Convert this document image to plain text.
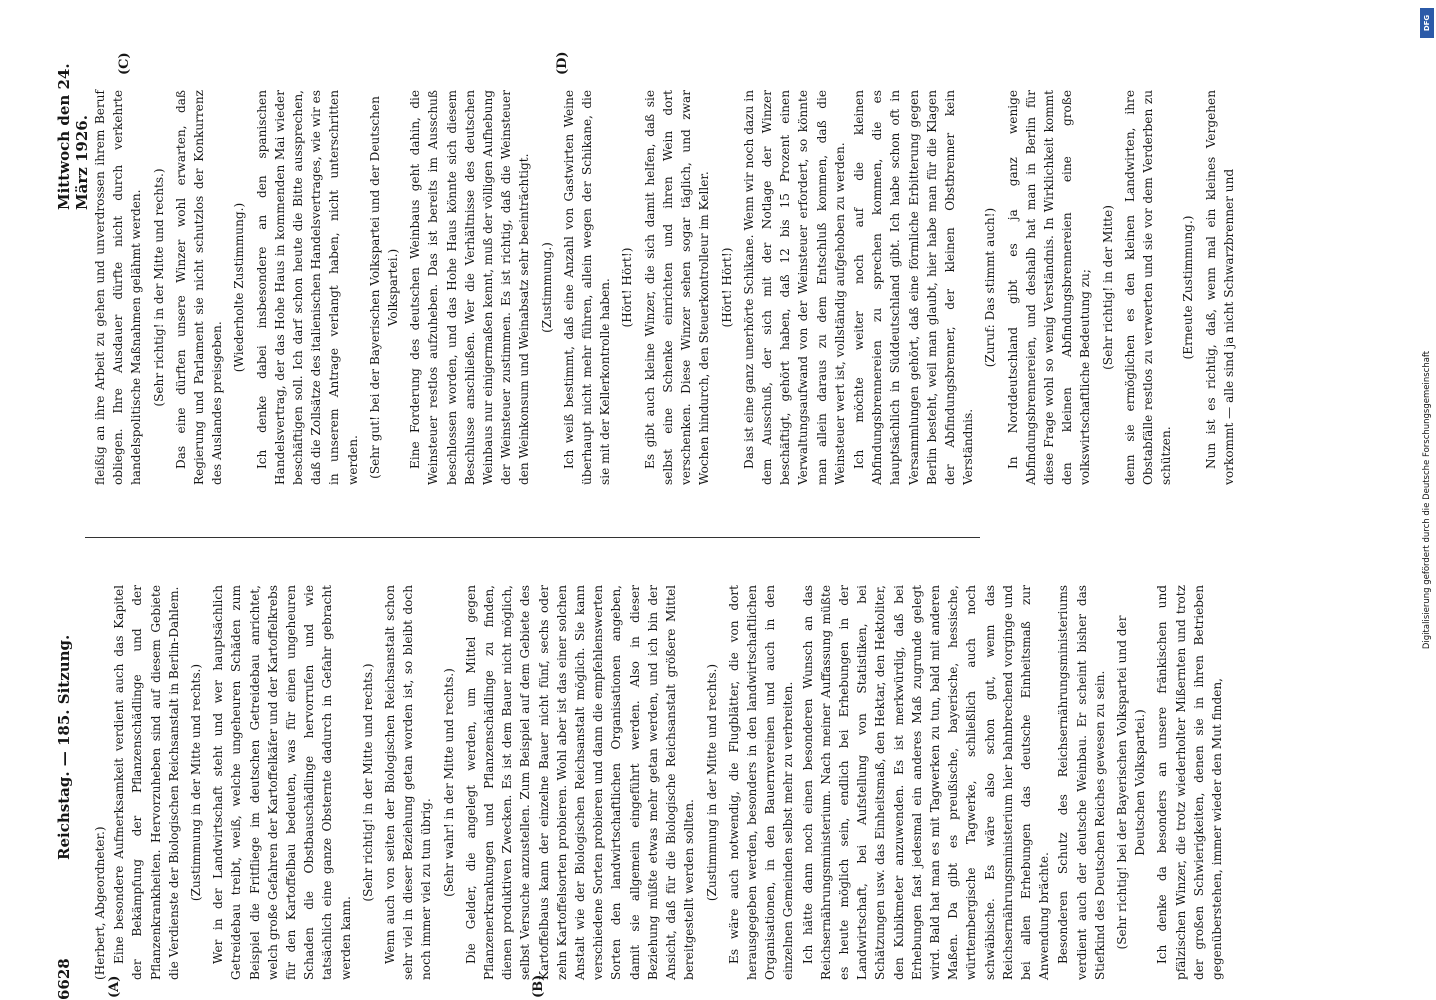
6628
Reichstag. — 185. Sitzung.
Mittwoch den 24. März 1926.
(A)	(B)
(C)	(D)

(Herbert, Abgeordneter.) Eine besondere Aufmerksamkeit verdient auch das Kapitel der Bekämpfung der Pflanzenschädlinge und der Pflanzenkrankheiten. Hervorzuheben sind auf diesem Gebiete die Verdienste der Biologischen Reichsanstalt in Berlin-Dahlem. (Zustimmung in der Mitte und rechts.) Wer in der Landwirtschaft steht und wer hauptsächlich Getreidebau treibt, weiß, welche ungeheuren Schäden zum Beispiel die Fritfliege im deutschen Getreidebau anrichtet, welch große Gefahren der Kartoffelkäfer und der Kartoffelkrebs für den Kartoffelbau bedeuten, was für einen ungeheuren Schaden die Obstbauschädlinge hervorrufen und wie tatsächlich eine ganze Obsternte dadurch in Gefahr gebracht werden kann.

(Sehr richtig! in der Mitte und rechts.) Wenn auch von seiten der Biologischen Reichsanstalt schon sehr viel in dieser Beziehung getan worden ist, so bleibt doch noch immer viel zu tun übrig. (Sehr wahr! in der Mitte und rechts.) Die Gelder, die angelegt werden, um Mittel gegen Pflanzenerkrankungen und Pflanzenschädlinge zu finden, dienen produktiven Zwecken. Es ist dem Bauer nicht möglich, selbst Versuche anzustellen. Zum Beispiel auf dem Gebiete des Kartoffelbaus kann der einzelne Bauer nicht fünf, sechs oder zehn Kartoffelsorten probieren. Wohl aber ist das einer solchen Anstalt wie der Biologischen Reichsanstalt möglich. Sie kann verschiedene Sorten probieren und dann die empfehlenswerten Sorten den landwirtschaftlichen Organisationen angeben, damit sie allgemein eingeführt werden. Also in dieser Beziehung müßte etwas mehr getan werden, und ich bin der Ansicht, daß für die Biologische Reichsanstalt größere Mittel bereitgestellt werden sollten. (Zustimmung in der Mitte und rechts.) Es wäre auch notwendig, die Flugblätter, die von dort herausgegeben werden, besonders in den landwirtschaftlichen Organisationen, in den Bauernvereinen und auch in den einzelnen Gemeinden selbst mehr zu verbreiten. Ich hätte dann noch einen besonderen Wunsch an das Reichsernährungsministerium. Nach meiner Auffassung müßte es heute möglich sein, endlich bei Erhebungen in der Landwirtschaft, bei Aufstellung von Statistiken, bei Schätzungen usw. das Einheitsmaß, den Hektar, den Hektoliter, den Kubikmeter anzuwenden. Es ist merkwürdig, daß bei Erhebungen fast jedesmal ein anderes Maß zugrunde gelegt wird. Bald hat man es mit Tagwerken zu tun, bald mit anderen Maßen. Da gibt es preußische, bayerische, hessische, württembergische Tagwerke, schließlich auch noch schwäbische. Es wäre also schon gut, wenn das Reichsernährungsministerium hier bahnbrechend vorginge und bei allen Erhebungen das deutsche Einheitsmaß zur Anwendung brächte. Besonderen Schutz des Reichsernährungsministeriums verdient auch der deutsche Weinbau. Er scheint bisher das Stiefkind des Deutschen Reiches gewesen zu sein. (Sehr richtig! bei der Bayerischen Volkspartei und der Deutschen Volkspartei.) Ich denke da besonders an unsere fränkischen und pfälzischen Winzer, die trotz wiederholter Mißernten und trotz der großen Schwierigkeiten, denen sie in ihren Betrieben gegenüberstehen, immer wieder den Mut finden,

fleißig an ihre Arbeit zu gehen und unverdrossen ihrem Beruf obliegen. Ihre Ausdauer dürfte nicht durch verkehrte handelspolitische Maßnahmen gelähmt werden. (Sehr richtig! in der Mitte und rechts.) Das eine dürften unsere Winzer wohl erwarten, daß Regierung und Parlament sie nicht schutzlos der Konkurrenz des Auslandes preisgeben.

(Wiederholte Zustimmung.) Ich denke dabei insbesondere an den spanischen Handelsvertrag, der das Hohe Haus in kommenden Mai wieder beschäftigen soll. Ich darf schon heute die Bitte aussprechen, daß die Zollsätze des italienischen Handelsvertrages, wie wir es in unserem Antrage verlangt haben, nicht unterschritten werden. (Sehr gut! bei der Bayerischen Volkspartei und der Deutschen Volkspartei.) Eine Forderung des deutschen Weinbaus geht dahin, die Weinsteuer restlos aufzuheben. Das ist bereits im Ausschuß beschlossen worden, und das Hohe Haus könnte sich diesem Beschlusse anschließen. Wer die Verhältnisse des deutschen Weinbaus nur einigermaßen kennt, muß der völligen Aufhebung der Weinsteuer zustimmen. Es ist richtig, daß die Weinsteuer den Weinkonsum und Weinabsatz sehr beeinträchtigt. (Zustimmung.) Ich weiß bestimmt, daß eine Anzahl von Gastwirten Weine überhaupt nicht mehr führen, allein wegen der Schikane, die sie mit der Kellerkontrolle haben. (Hört! Hört!) Es gibt auch kleine Winzer, die sich damit helfen, daß sie selbst eine Schenke einrichten und ihren Wein dort verschenken. Diese Winzer sehen sogar täglich, und zwar Wochen hindurch, den Steuerkontrolleur im Keller. (Hört! Hört!) Das ist eine ganz unerhörte Schikane. Wenn wir noch dazu in dem Ausschuß, der sich mit der Notlage der Winzer beschäftigt, gehört haben, daß 12 bis 15 Prozent einen Verwaltungsaufwand von der Weinsteuer erfordert, so könnte man allein daraus zu dem Entschluß kommen, daß die Weinsteuer wert ist, vollständig aufgehoben zu werden. Ich möchte weiter noch auf die kleinen Abfindungsbrennereien zu sprechen kommen, die es hauptsächlich in Süddeutschland gibt. Ich habe schon oft in Versammlungen gehört, daß eine förmliche Erbitterung gegen Berlin besteht, weil man glaubt, hier habe man für die Klagen der Abfindungsbrenner, der kleinen Obstbrenner kein Verständnis.

(Zuruf: Das stimmt auch!) In Norddeutschland gibt es ja ganz wenige Abfindungsbrennereien, und deshalb hat man in Berlin für diese Frage wohl so wenig Verständnis. In Wirklichkeit kommt den kleinen Abfindungsbrennereien eine große volkswirtschaftliche Bedeutung zu; (Sehr richtig! in der Mitte) denn sie ermöglichen es den kleinen Landwirten, ihre Obstabfälle restlos zu verwerten und sie vor dem Verderben zu schützen.

(Erneute Zustimmung.) Nun ist es richtig, daß, wenn mal ein kleines Vergehen vorkommt — alle sind ja nicht Schwarzbrenner und

Digitalisierung gefördert durch die Deutsche Forschungsgemeinschaft
DFG
